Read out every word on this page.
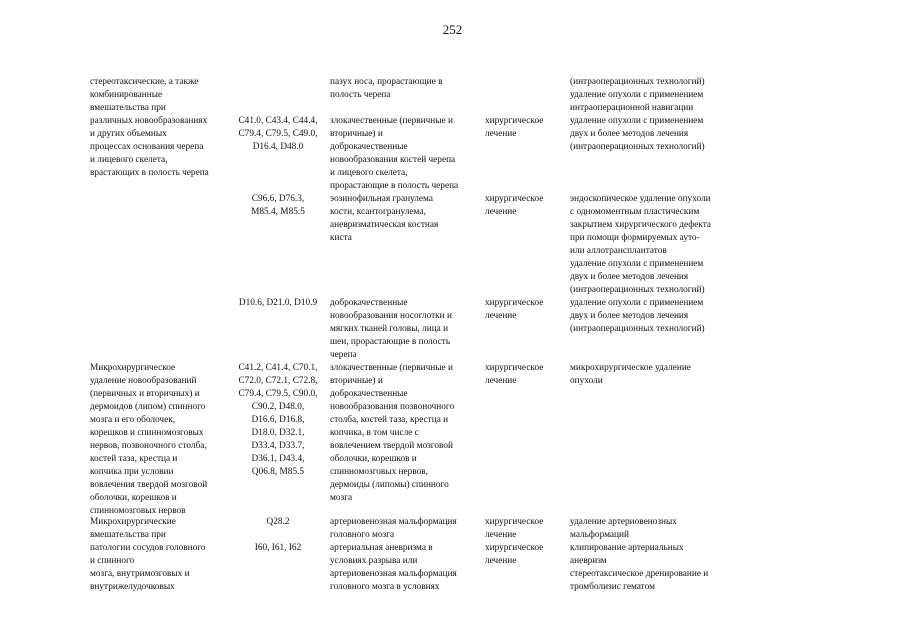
252
стереотаксические, а также
комбинированные
вмешательства при
различных новообразованиях
и других объемных
процессах основания черепа
и лицевого скелета,
врастающих в полость черепа

C41.0, C43.4, C44.4,
C79.4, C79.5, C49.0,
D16.4, D48.0
пазух носа, прорастающие в
полость черепа

злокачественные (первичные и
вторичные) и
доброкачественные
новообразования костей черепа
и лицевого скелета,
прорастающие в полость черепа

хирургическое
лечение
(интраоперационных технологий)
удаление опухоли с применением
интраоперационной навигации
удаление опухоли с применением
двух и более методов лечения
(интраоперационных технологий)
C96.6, D76.3,
M85.4, M85.5
эозинофильная гранулема
кости, ксантогранулема,
аневризматическая костная
киста
хирургическое
лечение
эндоскопическое удаление опухоли
с одномоментным пластическим
закрытием хирургического дефекта
при помощи формируемых ауто-
или аллотрансплантатов
удаление опухоли с применением
двух и более методов лечения
(интраоперационных технологий)
D10.6, D21.0, D10.9	доброкачественные
новообразования носоглотки и
мягких тканей головы, лица и
шеи, прорастающие в полость
черепа
хирургическое
лечение
удаление опухоли с применением
двух и более методов лечения
(интраоперационных технологий)
Микрохирургическое
удаление новообразований
(первичных и вторичных) и
дермоидов (липом) спинного
мозга и его оболочек,
корешков и спинномозговых
нервов, позвоночного столба,
костей таза, крестца и
копчика при условии
вовлечения твердой мозговой
оболочки, корешков и
спинномозговых нервов
C41.2, C41.4, C70.1,
C72.0, C72.1, C72.8,
C79.4, C79.5, C90.0,
C90.2, D48.0,
D16.6, D16.8,
D18.0, D32.1,
D33.4, D33.7,
D36.1, D43.4,
Q06.8, M85.5
злокачественные (первичные и
вторичные) и
доброкачественные
новообразования позвоночного
столба, костей таза, крестца и
копчика, в том числе с
вовлечением твердой мозговой
оболочки, корешков и
спинномозговых нервов,
дермоиды (липомы) спинного
мозга
хирургическое
лечение
микрохирургическое удаление
опухоли
Микрохирургические
вмешательства при
патологии сосудов головного
и спинного
мозга, внутримозговых и
внутрижелудочковых
Q28.2

I60, I61, I62
артериовенозная мальформация
головного мозга
артериальная аневризма в
условиях разрыва или
артериовенозная мальформация
головного мозга в условиях
хирургическое
лечение
хирургическое
лечение
удаление артериовенозных
мальформаций
клипирование артериальных
аневризм
стереотаксическое дренирование и
тромболизис гематом
